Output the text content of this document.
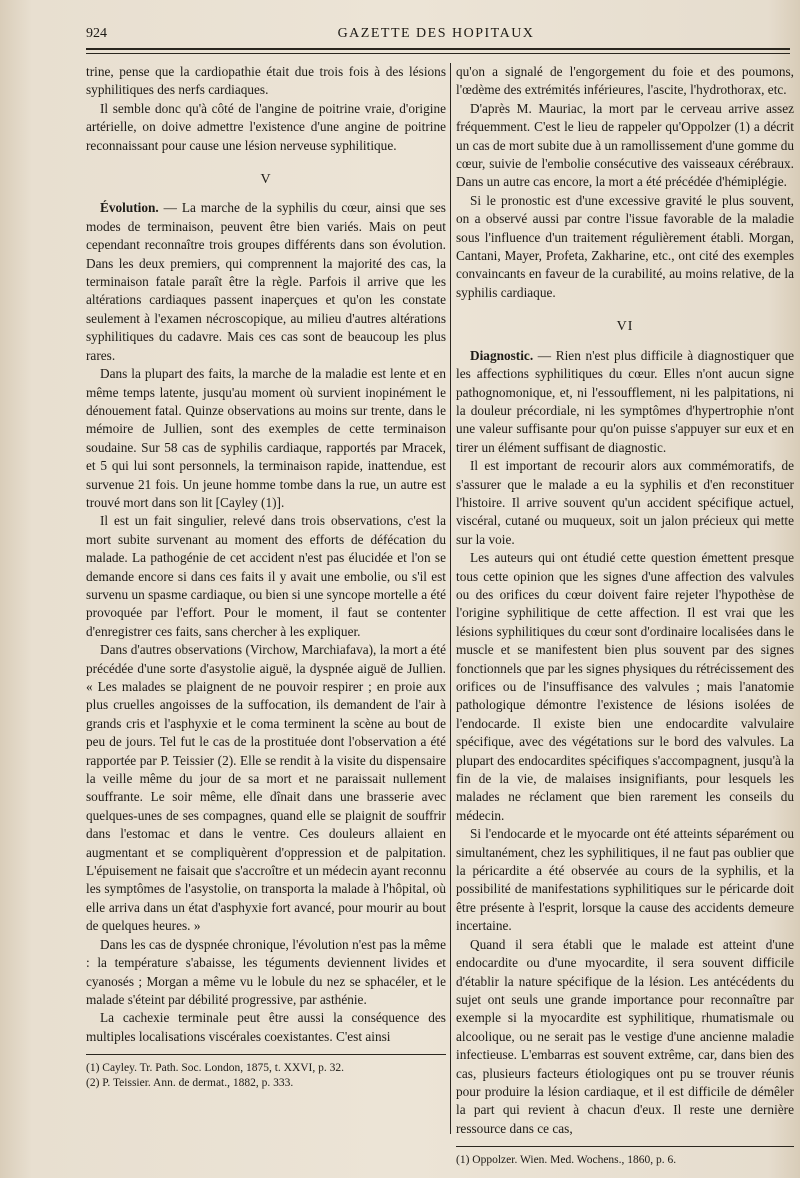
924	GAZETTE DES HOPITAUX

trine, pense que la cardiopathie était due trois fois à des lésions syphilitiques des nerfs cardiaques.

Il semble donc qu'à côté de l'angine de poitrine vraie, d'origine artérielle, on doive admettre l'existence d'une angine de poitrine reconnaissant pour cause une lésion nerveuse syphilitique.

V

Évolution. — La marche de la syphilis du cœur, ainsi que ses modes de terminaison, peuvent être bien variés. Mais on peut cependant reconnaître trois groupes différents dans son évolution. Dans les deux premiers, qui comprennent la majorité des cas, la terminaison fatale paraît être la règle. Parfois il arrive que les altérations cardiaques passent inaperçues et qu'on les constate seulement à l'examen nécroscopique, au milieu d'autres altérations syphilitiques du cadavre. Mais ces cas sont de beaucoup les plus rares.

Dans la plupart des faits, la marche de la maladie est lente et en même temps latente, jusqu'au moment où survient inopinément le dénouement fatal. Quinze observations au moins sur trente, dans le mémoire de Jullien, sont des exemples de cette terminaison soudaine. Sur 58 cas de syphilis cardiaque, rapportés par Mracek, et 5 qui lui sont personnels, la terminaison rapide, inattendue, est survenue 21 fois. Un jeune homme tombe dans la rue, un autre est trouvé mort dans son lit [Cayley (1)].

Il est un fait singulier, relevé dans trois observations, c'est la mort subite survenant au moment des efforts de défécation du malade. La pathogénie de cet accident n'est pas élucidée et l'on se demande encore si dans ces faits il y avait une embolie, ou s'il est survenu un spasme cardiaque, ou bien si une syncope mortelle a été provoquée par l'effort. Pour le moment, il faut se contenter d'enregistrer ces faits, sans chercher à les expliquer.

Dans d'autres observations (Virchow, Marchiafava), la mort a été précédée d'une sorte d'asystolie aiguë, la dyspnée aiguë de Jullien. « Les malades se plaignent de ne pouvoir respirer ; en proie aux plus cruelles angoisses de la suffocation, ils demandent de l'air à grands cris et l'asphyxie et le coma terminent la scène au bout de peu de jours. Tel fut le cas de la prostituée dont l'observation a été rapportée par P. Teissier (2). Elle se rendit à la visite du dispensaire la veille même du jour de sa mort et ne paraissait nullement souffrante. Le soir même, elle dînait dans une brasserie avec quelques-unes de ses compagnes, quand elle se plaignit de souffrir dans l'estomac et dans le ventre. Ces douleurs allaient en augmentant et se compliquèrent d'oppression et de palpitation. L'épuisement ne faisait que s'accroître et un médecin ayant reconnu les symptômes de l'asystolie, on transporta la malade à l'hôpital, où elle arriva dans un état d'asphyxie fort avancé, pour mourir au bout de quelques heures. »

Dans les cas de dyspnée chronique, l'évolution n'est pas la même : la température s'abaisse, les téguments deviennent livides et cyanosés ; Morgan a même vu le lobule du nez se sphacéler, et le malade s'éteint par débilité progressive, par asthénie.

La cachexie terminale peut être aussi la conséquence des multiples localisations viscérales coexistantes. C'est ainsi

(1) Cayley. Tr. Path. Soc. London, 1875, t. XXVI, p. 32.

(2) P. Teissier. Ann. de dermat., 1882, p. 333.

qu'on a signalé de l'engorgement du foie et des poumons, l'œdème des extrémités inférieures, l'ascite, l'hydrothorax, etc.

D'après M. Mauriac, la mort par le cerveau arrive assez fréquemment. C'est le lieu de rappeler qu'Oppolzer (1) a décrit un cas de mort subite due à un ramollissement d'une gomme du cœur, suivie de l'embolie consécutive des vaisseaux cérébraux. Dans un autre cas encore, la mort a été précédée d'hémiplégie.

Si le pronostic est d'une excessive gravité le plus souvent, on a observé aussi par contre l'issue favorable de la maladie sous l'influence d'un traitement régulièrement établi. Morgan, Cantani, Mayer, Profeta, Zakharine, etc., ont cité des exemples convaincants en faveur de la curabilité, au moins relative, de la syphilis cardiaque.

VI

Diagnostic. — Rien n'est plus difficile à diagnostiquer que les affections syphilitiques du cœur. Elles n'ont aucun signe pathognomonique, et, ni l'essoufflement, ni les palpitations, ni la douleur précordiale, ni les symptômes d'hypertrophie n'ont une valeur suffisante pour qu'on puisse s'appuyer sur eux et en tirer un élément suffisant de diagnostic.

Il est important de recourir alors aux commémoratifs, de s'assurer que le malade a eu la syphilis et d'en reconstituer l'histoire. Il arrive souvent qu'un accident spécifique actuel, viscéral, cutané ou muqueux, soit un jalon précieux qui mette sur la voie.

Les auteurs qui ont étudié cette question émettent presque tous cette opinion que les signes d'une affection des valvules ou des orifices du cœur doivent faire rejeter l'hypothèse de l'origine syphilitique de cette affection. Il est vrai que les lésions syphilitiques du cœur sont d'ordinaire localisées dans le muscle et se manifestent bien plus souvent par des signes fonctionnels que par les signes physiques du rétrécissement des orifices ou de l'insuffisance des valvules ; mais l'anatomie pathologique démontre l'existence de lésions isolées de l'endocarde. Il existe bien une endocardite valvulaire spécifique, avec des végétations sur le bord des valvules. La plupart des endocardites spécifiques s'accompagnent, jusqu'à la fin de la vie, de malaises insignifiants, pour lesquels les malades ne réclament que bien rarement les conseils du médecin.

Si l'endocarde et le myocarde ont été atteints séparément ou simultanément, chez les syphilitiques, il ne faut pas oublier que la péricardite a été observée au cours de la syphilis, et la possibilité de manifestations syphilitiques sur le péricarde doit être présente à l'esprit, lorsque la cause des accidents demeure incertaine.

Quand il sera établi que le malade est atteint d'une endocardite ou d'une myocardite, il sera souvent difficile d'établir la nature spécifique de la lésion. Les antécédents du sujet ont seuls une grande importance pour reconnaître par exemple si la myocardite est syphilitique, rhumatismale ou alcoolique, ou ne serait pas le vestige d'une ancienne maladie infectieuse. L'embarras est souvent extrême, car, dans bien des cas, plusieurs facteurs étiologiques ont pu se trouver réunis pour produire la lésion cardiaque, et il est difficile de démêler la part qui revient à chacun d'eux. Il reste une dernière ressource dans ce cas,

(1) Oppolzer. Wien. Med. Wochens., 1860, p. 6.
